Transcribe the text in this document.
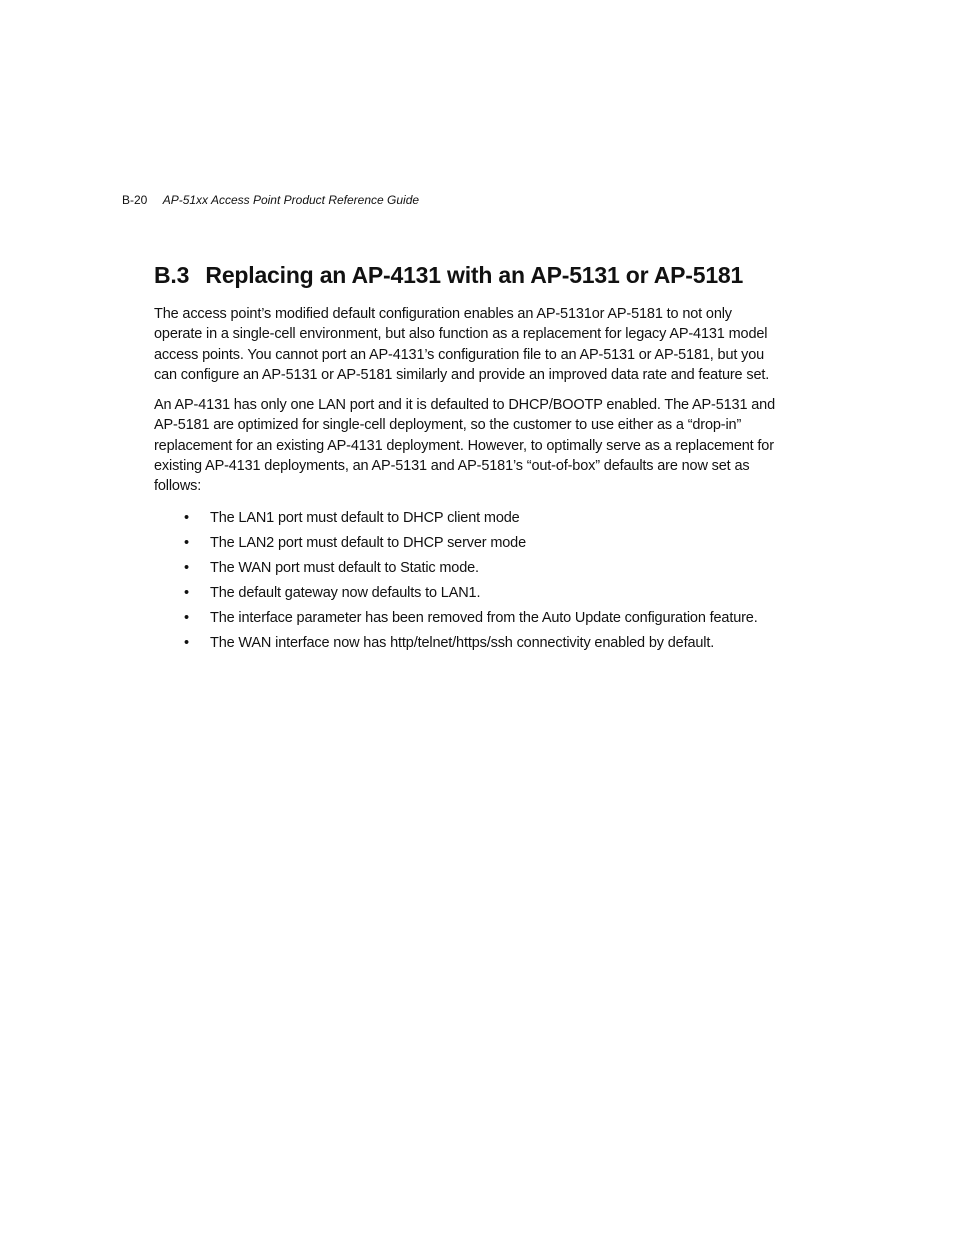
B-20 AP-51xx Access Point Product Reference Guide
B.3 Replacing an AP-4131 with an AP-5131 or AP-5181

The access point’s modified default configuration enables an AP-5131or AP-5181 to not only operate in a single-cell environment, but also function as a replacement for legacy AP-4131 model access points. You cannot port an AP-4131’s configuration file to an AP-5131 or AP-5181, but you can configure an AP-5131 or AP-5181 similarly and provide an improved data rate and feature set.

An AP-4131 has only one LAN port and it is defaulted to DHCP/BOOTP enabled. The AP-5131 and AP-5181 are optimized for single-cell deployment, so the customer to use either as a “drop-in” replacement for an existing AP-4131 deployment. However, to optimally serve as a replacement for existing AP-4131 deployments, an AP-5131 and AP-5181’s “out-of-box” defaults are now set as follows:

• The LAN1 port must default to DHCP client mode
• The LAN2 port must default to DHCP server mode
• The WAN port must default to Static mode.
• The default gateway now defaults to LAN1.
• The interface parameter has been removed from the Auto Update configuration feature.
• The WAN interface now has http/telnet/https/ssh connectivity enabled by default.
